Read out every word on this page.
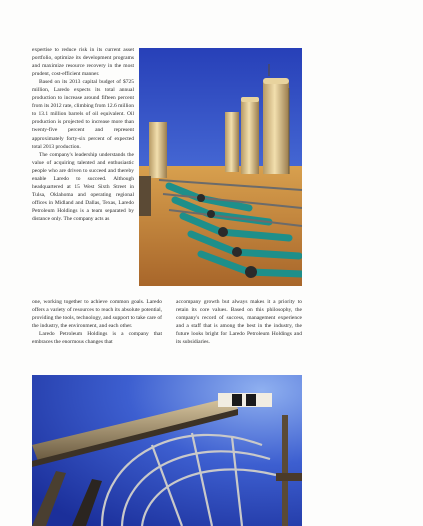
expertise to reduce risk in its current asset portfolio, optimize its development programs and maximize resource recovery in the most prudent, cost-efficient manner.

Based on its 2013 capital budget of $725 million, Laredo expects its total annual production to increase around fifteen percent from its 2012 rate, climbing from 12.6 million to 13.1 million barrels of oil equivalent. Oil production is projected to increase more than twenty-five percent and represent approximately forty-six percent of expected total 2013 production.

The company's leadership understands the value of acquiring talented and enthusiastic people who are driven to succeed and thereby enable Laredo to succeed. Although headquartered at 15 West Sixth Street in Tulsa, Oklahoma and operating regional offices in Midland and Dallas, Texas, Laredo Petroleum Holdings is a team separated by distance only. The company acts as

one, working together to achieve common goals. Laredo offers a variety of resources to reach its absolute potential, providing the tools, technology, and support to take care of the industry, the environment, and each other.

Laredo Petroleum Holdings is a company that embraces the enormous changes that

accompany growth but always makes it a priority to retain its core values. Based on this philosophy, the company's record of success, management experience and a staff that is among the best in the industry, the future looks bright for Laredo Petroleum Holdings and its subsidiaries.
